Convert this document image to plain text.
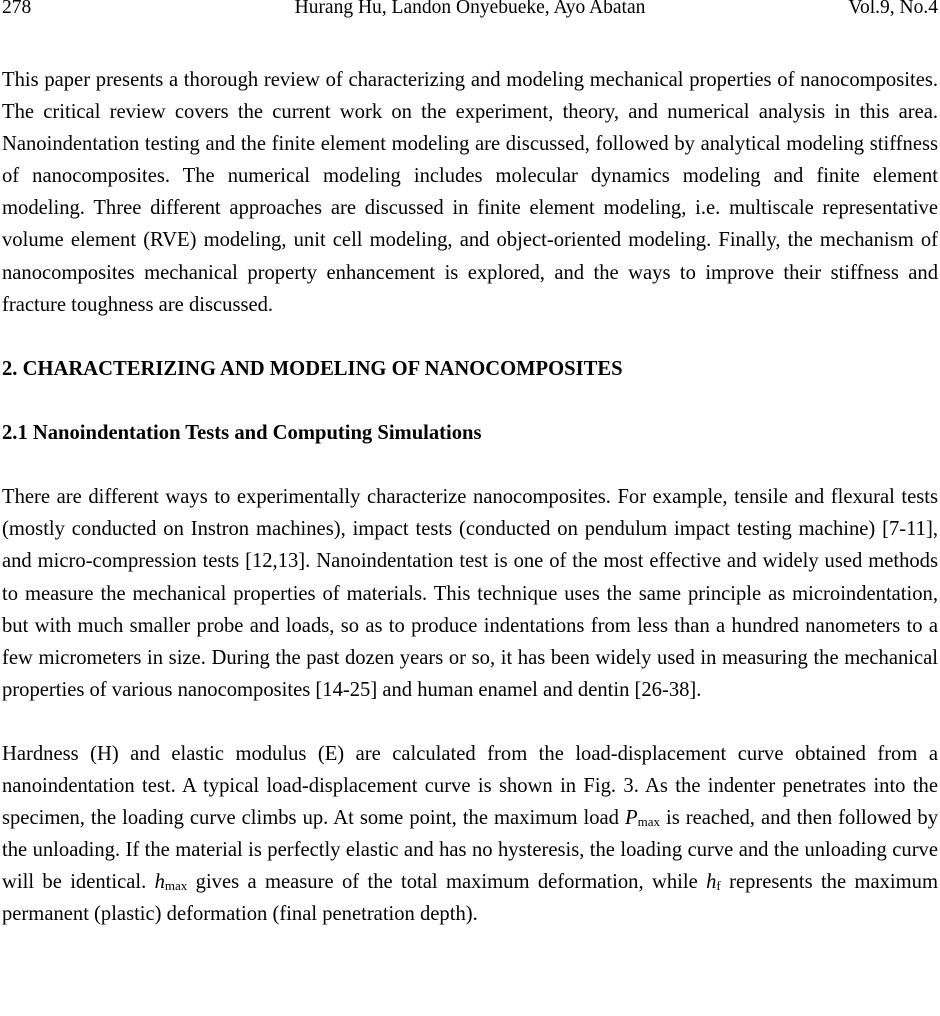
Hurang Hu, Landon Onyebueke, Ayo Abatan
278	Vol.9, No.4

This paper presents a thorough review of characterizing and modeling mechanical properties of nanocomposites. The critical review covers the current work on the experiment, theory, and numerical analysis in this area. Nanoindentation testing and the finite element modeling are discussed, followed by analytical modeling stiffness of nanocomposites. The numerical modeling includes molecular dynamics modeling and finite element modeling. Three different approaches are discussed in finite element modeling, i.e. multiscale representative volume element (RVE) modeling, unit cell modeling, and object-oriented modeling. Finally, the mechanism of nanocomposites mechanical property enhancement is explored, and the ways to improve their stiffness and fracture toughness are discussed.

2. CHARACTERIZING AND MODELING OF NANOCOMPOSITES

2.1 Nanoindentation Tests and Computing Simulations

There are different ways to experimentally characterize nanocomposites. For example, tensile and flexural tests (mostly conducted on Instron machines), impact tests (conducted on pendulum impact testing machine) [7-11], and micro-compression tests [12,13]. Nanoindentation test is one of the most effective and widely used methods to measure the mechanical properties of materials. This technique uses the same principle as microindentation, but with much smaller probe and loads, so as to produce indentations from less than a hundred nanometers to a few micrometers in size. During the past dozen years or so, it has been widely used in measuring the mechanical properties of various nanocomposites [14-25] and human enamel and dentin [26-38].

Hardness (H) and elastic modulus (E) are calculated from the load-displacement curve obtained from a nanoindentation test. A typical load-displacement curve is shown in Fig. 3. As the indenter penetrates into the specimen, the loading curve climbs up. At some point, the maximum load Pmax is reached, and then followed by the unloading. If the material is perfectly elastic and has no hysteresis, the loading curve and the unloading curve will be identical. hmax gives a measure of the total maximum deformation, while hf represents the maximum permanent (plastic) deformation (final penetration depth).
